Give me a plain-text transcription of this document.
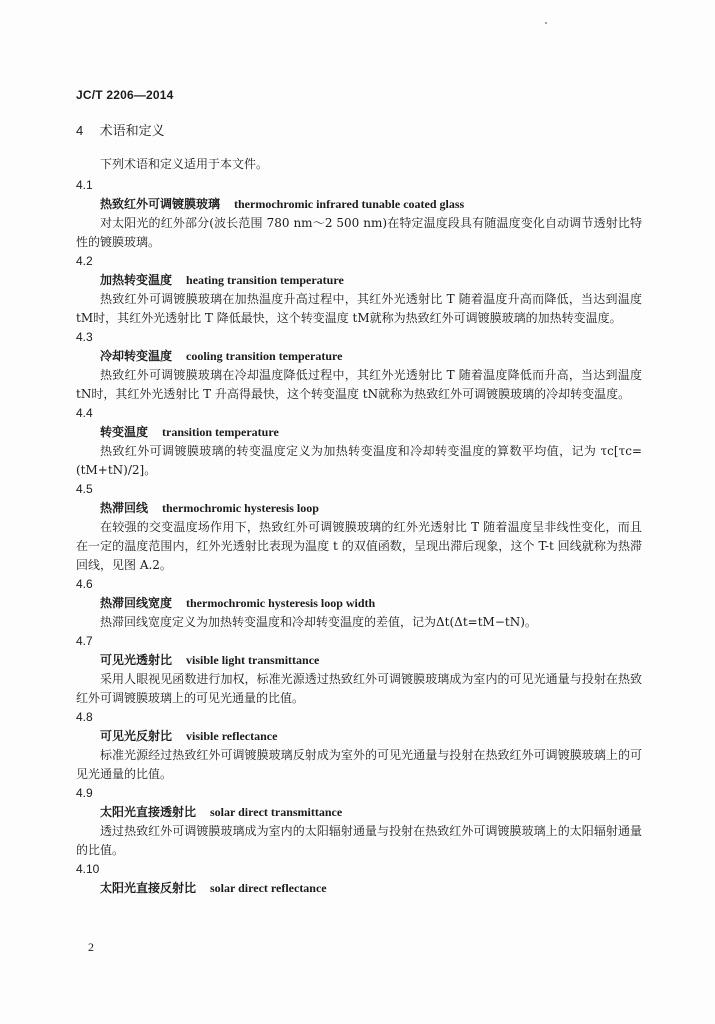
JC/T 2206—2014
4 术语和定义

下列术语和定义适用于本文件。

4.1
热致红外可调镀膜玻璃 thermochromic infrared tunable coated glass

对太阳光的红外部分(波长范围 780 nm～2 500 nm)在特定温度段具有随温度变化自动调节透射比特性的镀膜玻璃。

4.2
加热转变温度 heating transition temperature

热致红外可调镀膜玻璃在加热温度升高过程中，其红外光透射比 T 随着温度升高而降低，当达到温度 tM时，其红外光透射比 T 降低最快，这个转变温度 tM就称为热致红外可调镀膜玻璃的加热转变温度。

4.3
冷却转变温度 cooling transition temperature

热致红外可调镀膜玻璃在冷却温度降低过程中，其红外光透射比 T 随着温度降低而升高，当达到温度 tN时，其红外光透射比 T 升高得最快，这个转变温度 tN就称为热致红外可调镀膜玻璃的冷却转变温度。

4.4
转变温度 transition temperature

热致红外可调镀膜玻璃的转变温度定义为加热转变温度和冷却转变温度的算数平均值，记为 τc[τc=(tM+tN)/2]。

4.5
热滞回线 thermochromic hysteresis loop

在较强的交变温度场作用下，热致红外可调镀膜玻璃的红外光透射比 T 随着温度呈非线性变化，而且在一定的温度范围内，红外光透射比表现为温度 t 的双值函数，呈现出滞后现象，这个 T-t 回线就称为热滞回线，见图 A.2。

4.6
热滞回线宽度 thermochromic hysteresis loop width

热滞回线宽度定义为加热转变温度和冷却转变温度的差值，记为Δt(Δt=tM−tN)。

4.7
可见光透射比 visible light transmittance

采用人眼视见函数进行加权，标准光源透过热致红外可调镀膜玻璃成为室内的可见光通量与投射在热致红外可调镀膜玻璃上的可见光通量的比值。

4.8
可见光反射比 visible reflectance

标准光源经过热致红外可调镀膜玻璃反射成为室外的可见光通量与投射在热致红外可调镀膜玻璃上的可见光通量的比值。

4.9
太阳光直接透射比 solar direct transmittance

透过热致红外可调镀膜玻璃成为室内的太阳辐射通量与投射在热致红外可调镀膜玻璃上的太阳辐射通量的比值。

4.10
太阳光直接反射比 solar direct reflectance
2
